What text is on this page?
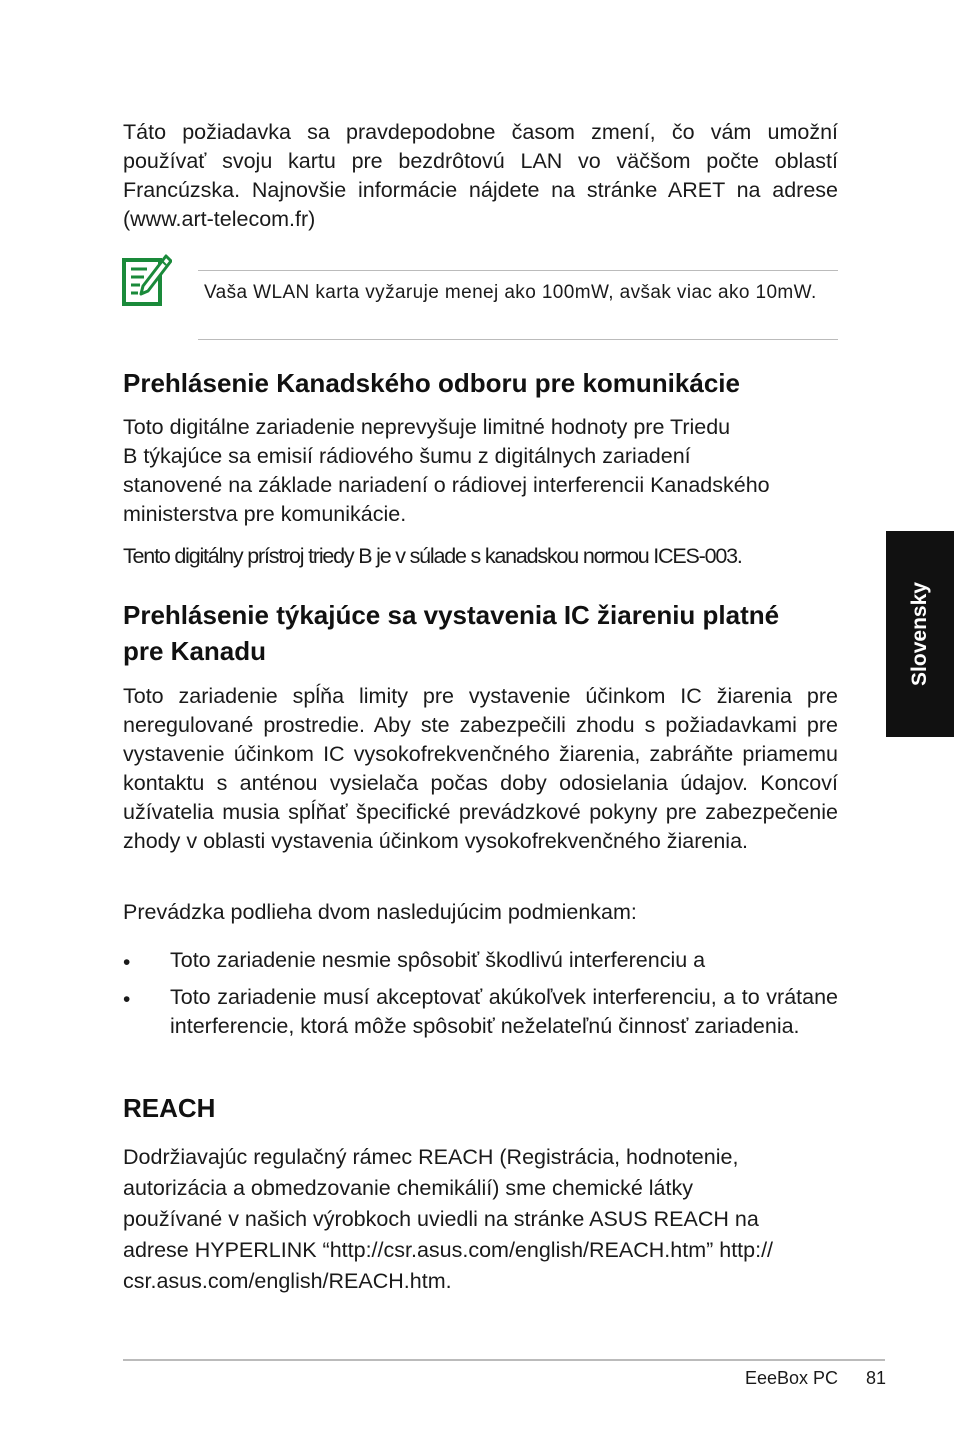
Táto požiadavka sa pravdepodobne časom zmení, čo vám umožní používať svoju kartu pre bezdrôtovú LAN vo väčšom počte oblastí Francúzska. Najnovšie informácie nájdete na stránke ARET na adrese (www.art-telecom.fr)

Vaša WLAN karta vyžaruje menej ako 100mW, avšak viac ako 10mW.

Prehlásenie Kanadského odboru pre komunikácie
Toto digitálne zariadenie neprevyšuje limitné hodnoty pre Triedu
B týkajúce sa emisií rádiového šumu z digitálnych zariadení
stanovené na základe nariadení o rádiovej interferencii Kanadského
ministerstva pre komunikácie.

Tento digitálny prístroj triedy B je v súlade s kanadskou normou ICES-003.

Prehlásenie týkajúce sa vystavenia IC žiareniu platné pre Kanadu

Toto zariadenie spĺňa limity pre vystavenie účinkom IC žiarenia pre neregulované prostredie. Aby ste zabezpečili zhodu s požiadavkami pre vystavenie účinkom IC vysokofrekvenčného žiarenia, zabráňte priamemu kontaktu s anténou vysielača počas doby odosielania údajov. Koncoví užívatelia musia spĺňať špecifické prevádzkové pokyny pre zabezpečenie zhody v oblasti vystavenia účinkom vysokofrekvenčného žiarenia.

Prevádzka podlieha dvom nasledujúcim podmienkam:

• Toto zariadenie nesmie spôsobiť škodlivú interferenciu a

• Toto zariadenie musí akceptovať akúkoľvek interferenciu, a to vrátane interferencie, ktorá môže spôsobiť neželateľnú činnosť zariadenia.

REACH
Dodržiavajúc regulačný rámec REACH (Registrácia, hodnotenie,
autorizácia a obmedzovanie chemikálií) sme chemické látky
používané v našich výrobkoch uviedli na stránke ASUS REACH na
adrese HYPERLINK “http://csr.asus.com/english/REACH.htm” http://
csr.asus.com/english/REACH.htm.
Slovensky
EeeBox PC 81
